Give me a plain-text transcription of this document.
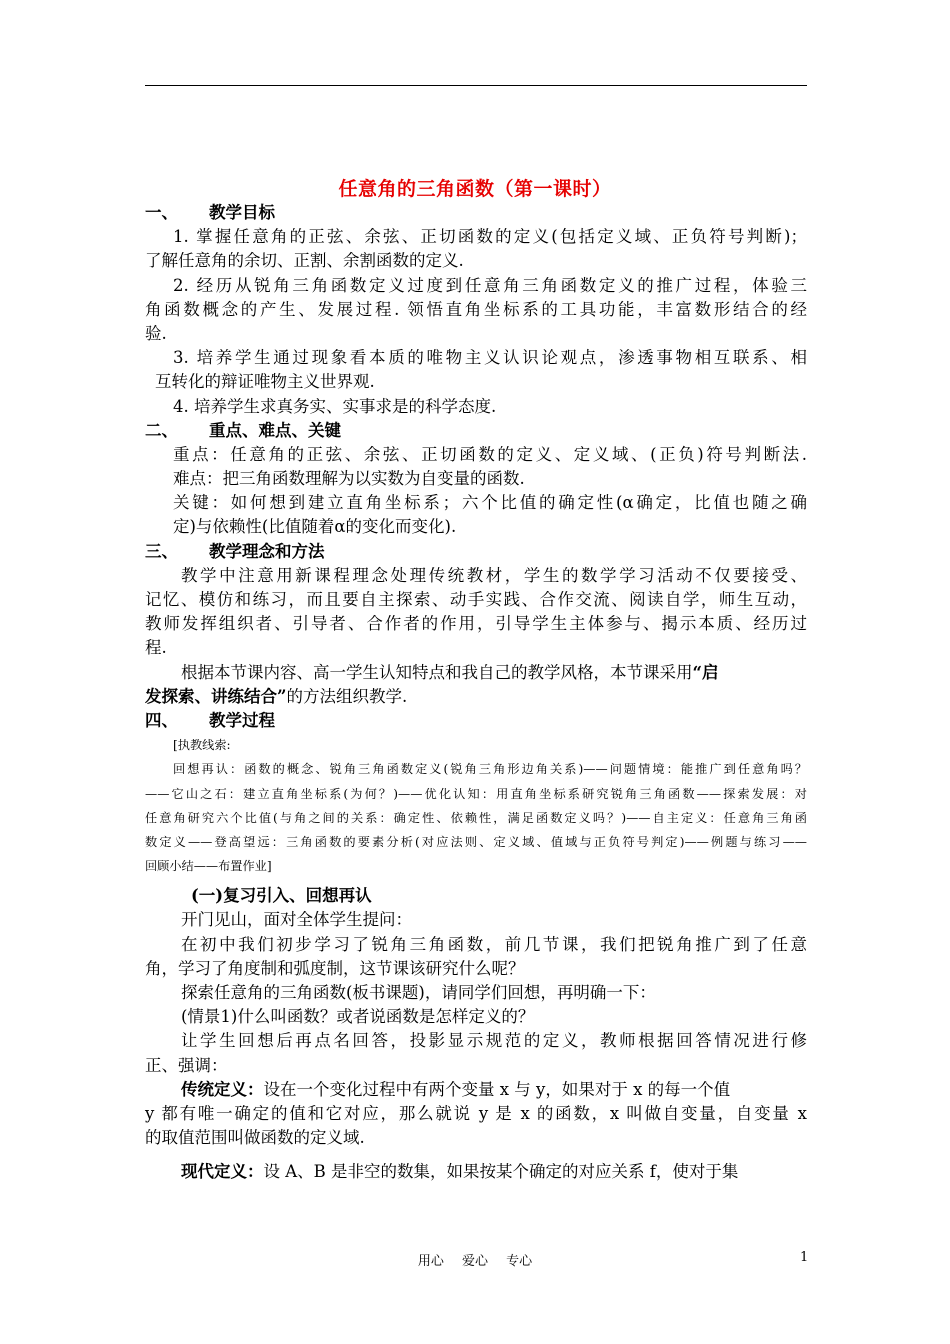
任意角的三角函数（第一课时）
一、 教学目标
1. 掌握任意角的正弦、余弦、正切函数的定义(包括定义域、正负符号判断)；
了解任意角的余切、正割、余割函数的定义.
2. 经历从锐角三角函数定义过度到任意角三角函数定义的推广过程，体验三
角函数概念的产生、发展过程. 领悟直角坐标系的工具功能，丰富数形结合的经
验.
3. 培养学生通过现象看本质的唯物主义认识论观点，渗透事物相互联系、相
互转化的辩证唯物主义世界观.
4. 培养学生求真务实、实事求是的科学态度.
二、 重点、难点、关键
重点：任意角的正弦、余弦、正切函数的定义、定义域、(正负)符号判断法.
难点：把三角函数理解为以实数为自变量的函数.
关键：如何想到建立直角坐标系；六个比值的确定性(α确定，比值也随之确
定)与依赖性(比值随着α的变化而变化).
三、 教学理念和方法
教学中注意用新课程理念处理传统教材，学生的数学学习活动不仅要接受、
记忆、模仿和练习，而且要自主探索、动手实践、合作交流、阅读自学，师生互动，
教师发挥组织者、引导者、合作者的作用，引导学生主体参与、揭示本质、经历过
程.
根据本节课内容、高一学生认知特点和我自己的教学风格，本节课采用“启
发探索、讲练结合”的方法组织教学.
四、 教学过程
[执教线索:
回想再认：函数的概念、锐角三角函数定义(锐角三角形边角关系)——问题情境：能推广到任意角吗？
——它山之石：建立直角坐标系(为何？)——优化认知：用直角坐标系研究锐角三角函数——探索发展：对
任意角研究六个比值(与角之间的关系：确定性、依赖性，满足函数定义吗？)——自主定义：任意角三角函
数定义——登高望远：三角函数的要素分析(对应法则、定义域、值域与正负符号判定)——例题与练习——
回顾小结——布置作业]
(一)复习引入、回想再认
开门见山，面对全体学生提问：
在初中我们初步学习了锐角三角函数，前几节课，我们把锐角推广到了任意
角，学习了角度制和弧度制，这节课该研究什么呢？
探索任意角的三角函数(板书课题)，请同学们回想，再明确一下：
(情景1)什么叫函数？或者说函数是怎样定义的？
让学生回想后再点名回答，投影显示规范的定义，教师根据回答情况进行修
正、强调：
传统定义：设在一个变化过程中有两个变量 x 与 y，如果对于 x 的每一个值
y 都有唯一确定的值和它对应，那么就说 y 是 x 的函数，x 叫做自变量，自变量 x
的取值范围叫做函数的定义域.
现代定义：设 A、B 是非空的数集，如果按某个确定的对应关系 f，使对于集
用心 爱心 专心	1
